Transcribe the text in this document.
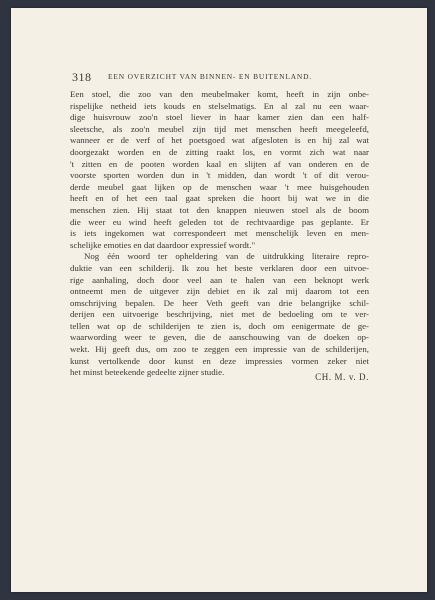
318 EEN OVERZICHT VAN BINNEN- EN BUITENLAND.
Een stoel, die zoo van den meubelmaker komt, heeft in zijn onbe-
rispelijke netheid iets kouds en stelselmatigs. En al zal nu een waar-
dige huisvrouw zoo'n stoel liever in haar kamer zien dan een half-
sleetsche, als zoo'n meubel zijn tijd met menschen heeft meegeleefd,
wanneer er de verf of het poetsgoed wat afgesloten is en hij zal wat
doorgezakt worden en de zitting raakt los, en vormt zich wat naar
't zitten en de pooten worden kaal en slijten af van onderen en de
voorste sporten worden dun in 't midden, dan wordt 't of dit verou-
derde meubel gaat lijken op de menschen waar 't mee huisgehouden
heeft en of het een taal gaat spreken die hoort bij wat we in die
menschen zien. Hij staat tot den knappen nieuwen stoel als de boom
die weer eu wind heeft geleden tot de rechtvaardige pas geplante. Er
is iets ingekomen wat correspondeert met menschelijk leven en men-
schelijke emoties en dat daardoor expressief wordt."
Nog één woord ter opheldering van de uitdrukking literaire repro-
duktie van een schilderij. Ik zou het beste verklaren door een uitvoe-
rige aanhaling, doch door veel aan te halen van een beknopt werk
ontneemt men de uitgever zijn debiet en ik zal mij daarom tot een
omschrijving bepalen. De heer Veth geeft van drie belangrijke schil-
derijen een uitvoerige beschrijving, niet met de bedoeling om te ver-
tellen wat op de schilderijen te zien is, doch om eenigermate de ge-
waarwording weer te geven, die de aanschouwing van de doeken op-
wekt. Hij geeft dus, om zoo te zeggen een impressie van de schilderijen,
kunst vertolkende door kunst en deze impressies vormen zeker niet
het minst beteekende gedeelte zijner studie.	CH. M. v. D.
